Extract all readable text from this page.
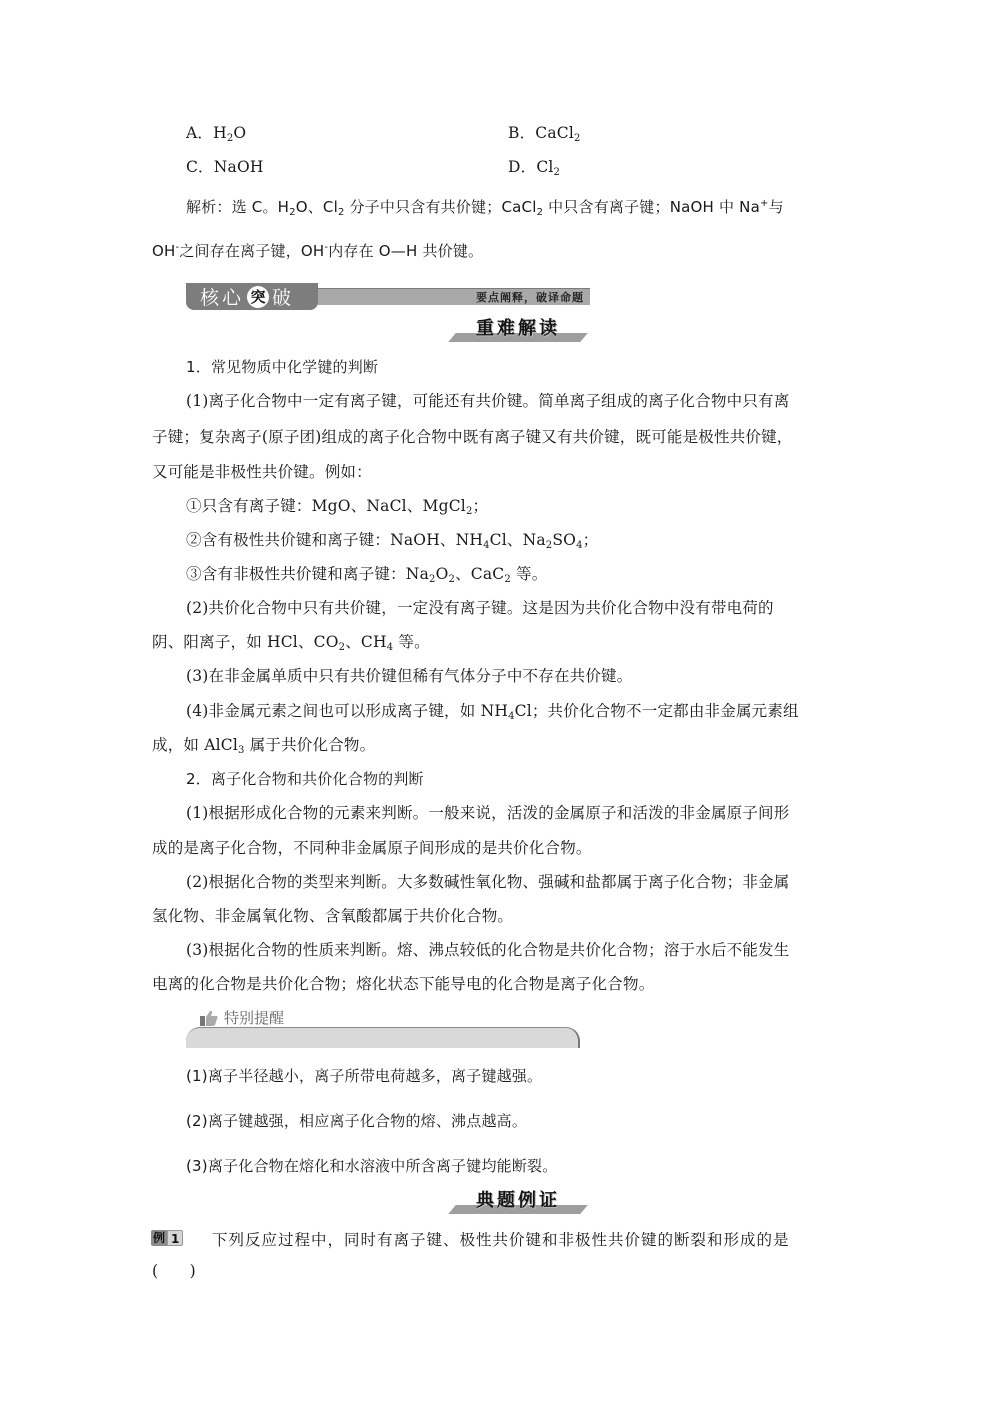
A．$H_2O$	B．CaCl$_2$
C．NaOH	D．$Cl_2$
解析：选 C。$H_2O$、$Cl_2$ 分子中只含有共价键；CaCl$_2$ 中只含有离子键；NaOH 中 Na+与
OH-之间存在离子键，OH-内存在 O—H 共价键。
核 心 突 破	要点阐释，破译命题
重难解读
1．常见物质中化学键的判断
(1)离子化合物中一定有离子键，可能还有共价键。简单离子组成的离子化合物中只有离
子键；复杂离子(原子团)组成的离子化合物中既有离子键又有共价键，既可能是极性共价键，
又可能是非极性共价键。例如：
①只含有离子键：MgO、NaCl、MgCl$_2$；
②含有极性共价键和离子键：NaOH、$NH_4Cl$、$Na_2SO_4$；
③含有非极性共价键和离子键：$Na_2O_2$、CaC$_2$ 等。
(2)共价化合物中只有共价键，一定没有离子键。这是因为共价化合物中没有带电荷的
阴、阳离子，如 HCl、$CO_2$、$CH_4$ 等。
(3)在非金属单质中只有共价键但稀有气体分子中不存在共价键。
(4)非金属元素之间也可以形成离子键，如 $NH_4Cl$；共价化合物不一定都由非金属元素组
成，如 AlCl$_3$ 属于共价化合物。
2．离子化合物和共价化合物的判断
(1)根据形成化合物的元素来判断。一般来说，活泼的金属原子和活泼的非金属原子间形
成的是离子化合物，不同种非金属原子间形成的是共价化合物。
(2)根据化合物的类型来判断。大多数碱性氧化物、强碱和盐都属于离子化合物；非金属
氢化物、非金属氧化物、含氧酸都属于共价化合物。
(3)根据化合物的性质来判断。熔、沸点较低的化合物是共价化合物；溶于水后不能发生
电离的化合物是共价化合物；熔化状态下能导电的化合物是离子化合物。
特别提醒
(1)离子半径越小，离子所带电荷越多，离子键越强。
(2)离子键越强，相应离子化合物的熔、沸点越高。
(3)离子化合物在熔化和水溶液中所含离子键均能断裂。
典题例证
例 1 下列反应过程中，同时有离子键、极性共价键和非极性共价键的断裂和形成的是
(　　)
